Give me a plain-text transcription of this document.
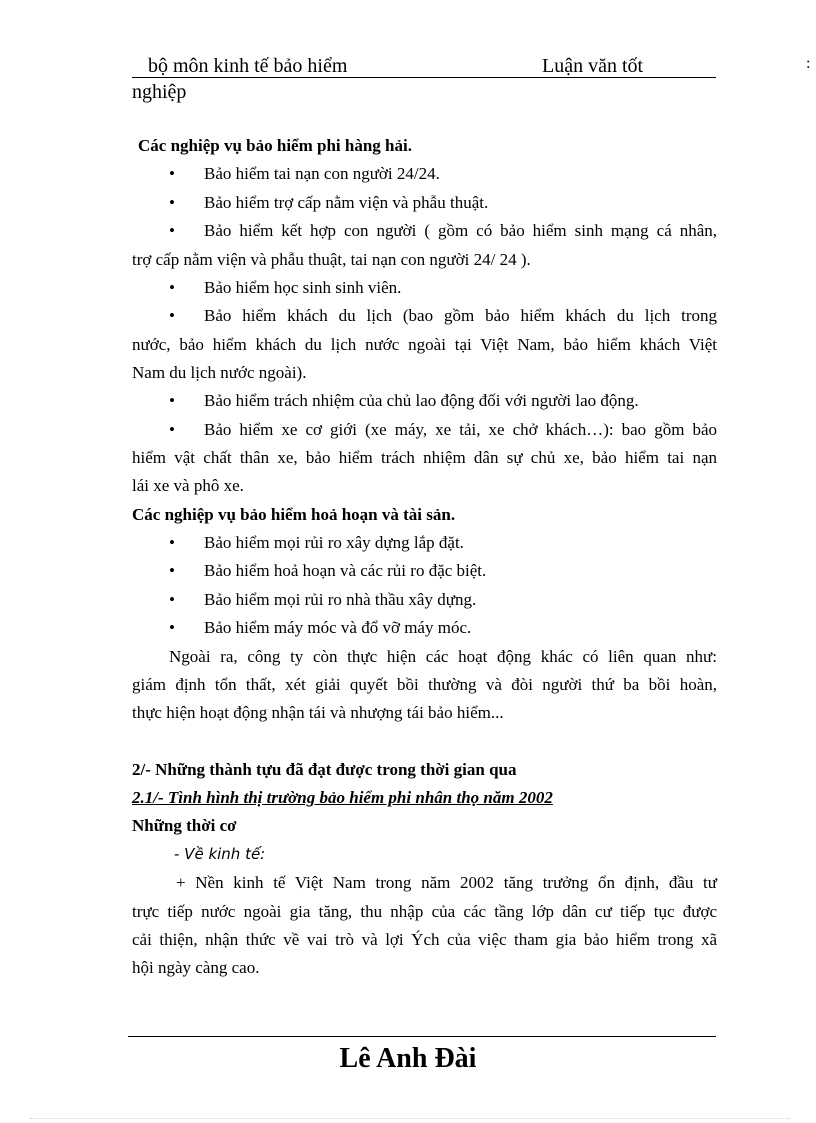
bộ môn kinh tế bảo hiểm	Luận văn tốt
nghiệp
:
Các nghiệp vụ bảo hiểm phi hàng hải.
• Bảo hiểm tai nạn con người 24/24.
• Bảo hiểm trợ cấp nằm viện và phẫu thuật.
• Bảo hiểm kết hợp con người ( gồm có bảo hiểm sinh mạng cá nhân,
trợ cấp nằm viện và phẫu thuật, tai nạn con người 24/ 24 ).
• Bảo hiểm học sinh sinh viên.
• Bảo hiểm khách du lịch (bao gồm bảo hiểm khách du lịch trong
nước, bảo hiểm khách du lịch nước ngoài tại Việt Nam, bảo hiểm khách Việt
Nam du lịch nước ngoài).
• Bảo hiểm trách nhiệm của chủ lao động đối với người lao động.
• Bảo hiểm xe cơ giới (xe máy, xe tải, xe chở khách…): bao gồm bảo
hiểm vật chất thân xe, bảo hiểm trách nhiệm dân sự chủ xe, bảo hiểm tai nạn
lái xe và phô xe.
Các nghiệp vụ bảo hiểm hoả hoạn và tài sản.
• Bảo hiểm mọi rủi ro xây dựng lắp đặt.
• Bảo hiểm hoả hoạn và các rủi ro đặc biệt.
• Bảo hiểm mọi rủi ro nhà thầu xây dựng.
• Bảo hiểm máy móc và đổ vỡ máy móc.
Ngoài ra, công ty còn thực hiện các hoạt động khác có liên quan như:
giám định tổn thất, xét giải quyết bồi thường và đòi người thứ ba bồi hoàn,
thực hiện hoạt động nhận tái và nhượng tái bảo hiểm...
2/- Những thành tựu đã đạt được trong thời gian qua
2.1/- Tình hình thị trường bảo hiểm phi nhân thọ năm 2002
Những thời cơ
- Về kinh tế:
+ Nền kinh tế Việt Nam trong năm 2002 tăng trưởng ổn định, đầu tư
trực tiếp nước ngoài gia tăng, thu nhập của các tầng lớp dân cư tiếp tục được
cải thiện, nhận thức về vai trò và lợi Ých của việc tham gia bảo hiểm trong xã
hội ngày càng cao.
Lê Anh Đài
